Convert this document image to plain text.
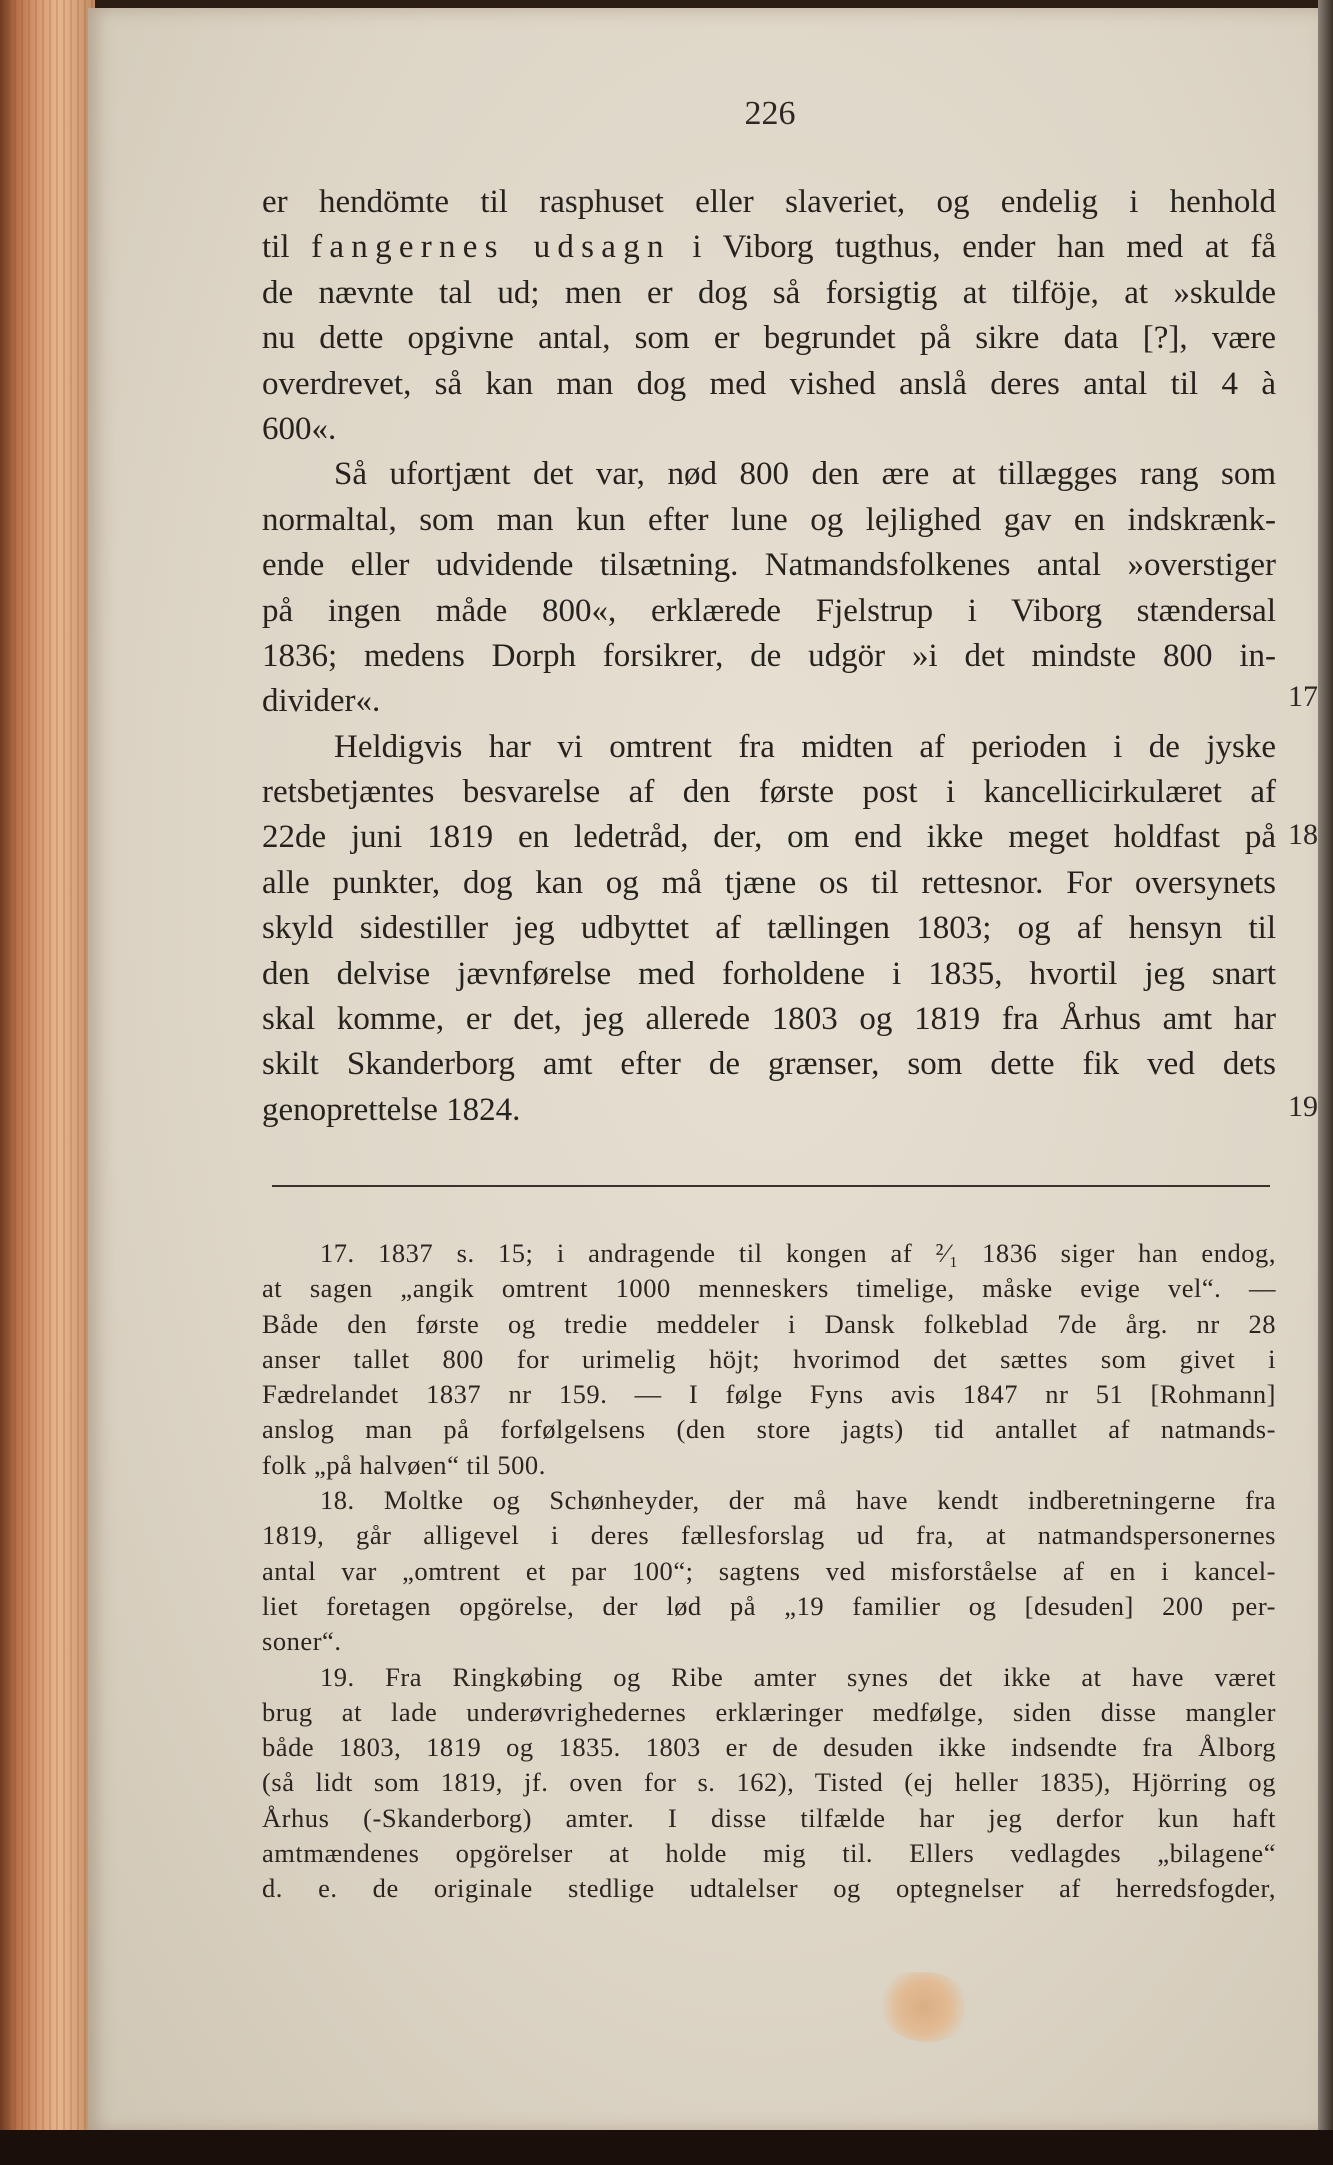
226
er hendömte til rasphuset eller slaveriet, og endelig i henhold
til fangernes udsagn i Viborg tugthus, ender han med at få
de nævnte tal ud; men er dog så forsigtig at tilföje, at »skulde
nu dette opgivne antal, som er begrundet på sikre data [?], være
overdrevet, så kan man dog med vished anslå deres antal til 4 à
600«.
Så ufortjænt det var, nød 800 den ære at tillægges rang som
normaltal, som man kun efter lune og lejlighed gav en indskrænk-
ende eller udvidende tilsætning. Natmandsfolkenes antal »overstiger
på ingen måde 800«, erklærede Fjelstrup i Viborg stændersal
1836; medens Dorph forsikrer, de udgör »i det mindste 800 in-
divider«.
Heldigvis har vi omtrent fra midten af perioden i de jyske
retsbetjæntes besvarelse af den første post i kancellicirkulæret af
22de juni 1819 en ledetråd, der, om end ikke meget holdfast på
alle punkter, dog kan og må tjæne os til rettesnor. For oversynets
skyld sidestiller jeg udbyttet af tællingen 1803; og af hensyn til
den delvise jævnførelse med forholdene i 1835, hvortil jeg snart
skal komme, er det, jeg allerede 1803 og 1819 fra Århus amt har
skilt Skanderborg amt efter de grænser, som dette fik ved dets
genoprettelse 1824.
17
18
19
17. 1837 s. 15; i andragende til kongen af ²⁄₁ 1836 siger han endog,
at sagen „angik omtrent 1000 menneskers timelige, måske evige vel“. —
Både den første og tredie meddeler i Dansk folkeblad 7de årg. nr 28
anser tallet 800 for urimelig höjt; hvorimod det sættes som givet i
Fædrelandet 1837 nr 159. — I følge Fyns avis 1847 nr 51 [Rohmann]
anslog man på forfølgelsens (den store jagts) tid antallet af natmands-
folk „på halvøen“ til 500.
18. Moltke og Schønheyder, der må have kendt indberetningerne fra
1819, går alligevel i deres fællesforslag ud fra, at natmandspersonernes
antal var „omtrent et par 100“; sagtens ved misforståelse af en i kancel-
liet foretagen opgörelse, der lød på „19 familier og [desuden] 200 per-
soner“.
19. Fra Ringkøbing og Ribe amter synes det ikke at have været
brug at lade underøvrighedernes erklæringer medfølge, siden disse mangler
både 1803, 1819 og 1835. 1803 er de desuden ikke indsendte fra Ålborg
(så lidt som 1819, jf. oven for s. 162), Tisted (ej heller 1835), Hjörring og
Århus (-Skanderborg) amter. I disse tilfælde har jeg derfor kun haft
amtmændenes opgörelser at holde mig til. Ellers vedlagdes „bilagene“
d. e. de originale stedlige udtalelser og optegnelser af herredsfogder,
